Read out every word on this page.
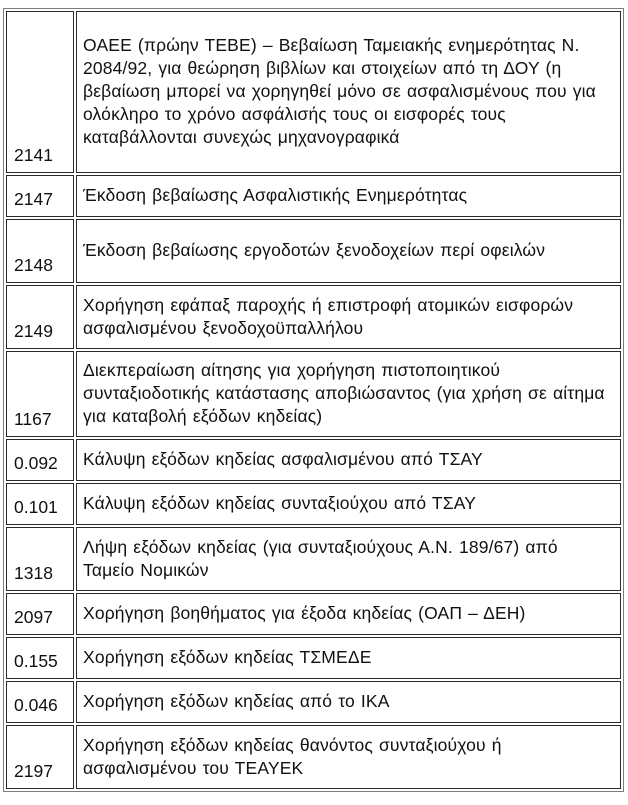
2141	ΟΑΕΕ (πρώην ΤΕΒΕ) – Βεβαίωση Ταμειακής ενημερότητας Ν. 2084/92, για θεώρηση βιβλίων και στοιχείων από τη ΔΟΥ (η βεβαίωση μπορεί να χορηγηθεί μόνο σε ασφαλισμένους που για ολόκληρο το χρόνο ασφάλισής τους οι εισφορές τους καταβάλλονται συνεχώς μηχανογραφικά
2147	Έκδοση βεβαίωσης Ασφαλιστικής Ενημερότητας
2148	Έκδοση βεβαίωσης εργοδοτών ξενοδοχείων περί οφειλών
2149	Χορήγηση εφάπαξ παροχής ή επιστροφή ατομικών εισφορών ασφαλισμένου ξενοδοχοϋπαλλήλου
1167	Διεκπεραίωση αίτησης για χορήγηση πιστοποιητικού συνταξιοδοτικής κατάστασης αποβιώσαντος (για χρήση σε αίτημα για καταβολή εξόδων κηδείας)
0.092	Κάλυψη εξόδων κηδείας ασφαλισμένου από ΤΣΑΥ
0.101	Κάλυψη εξόδων κηδείας συνταξιούχου από ΤΣΑΥ
1318	Λήψη εξόδων κηδείας (για συνταξιούχους Α.Ν. 189/67) από Ταμείο Νομικών
2097	Χορήγηση βοηθήματος για έξοδα κηδείας (ΟΑΠ – ΔΕΗ)
0.155	Χορήγηση εξόδων κηδείας ΤΣΜΕΔΕ
0.046	Χορήγηση εξόδων κηδείας από το ΙΚΑ
2197	Χορήγηση εξόδων κηδείας θανόντος συνταξιούχου ή ασφαλισμένου του ΤΕΑΥΕΚ
